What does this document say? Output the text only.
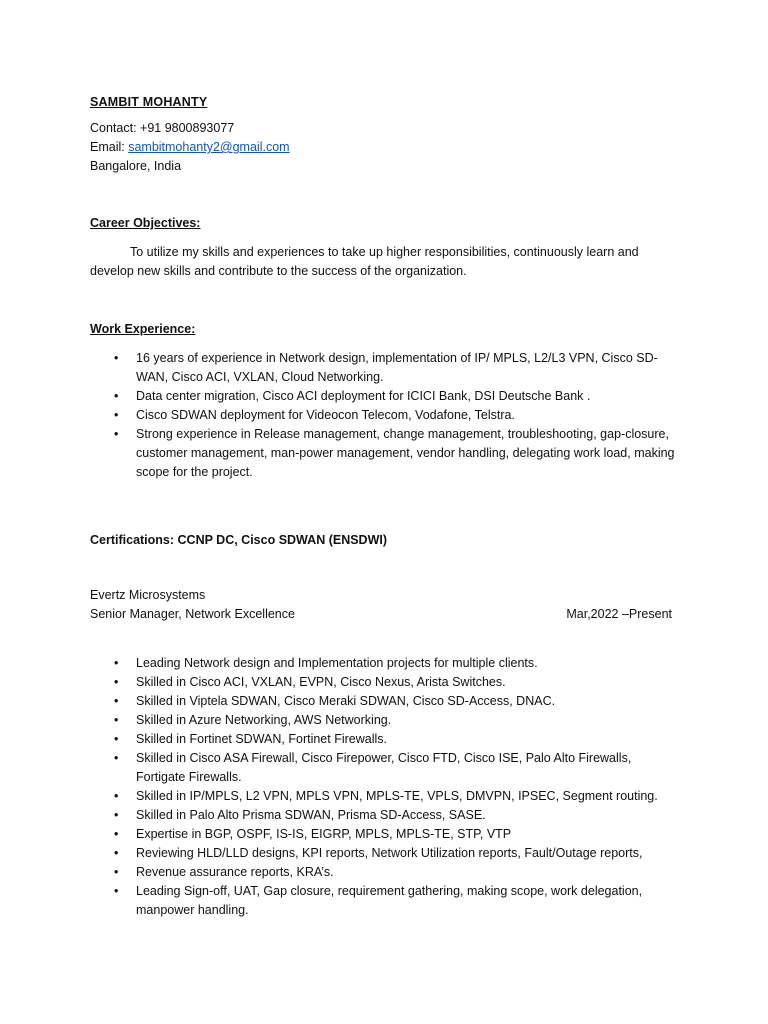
SAMBIT MOHANTY
Contact: +91 9800893077
Email: sambitmohanty2@gmail.com
Bangalore, India
Career Objectives:
To utilize my skills and experiences to take up higher responsibilities, continuously learn and develop new skills and contribute to the success of the organization.
Work Experience:
• 16 years of experience in Network design, implementation of IP/ MPLS, L2/L3 VPN, Cisco SD-WAN, Cisco ACI, VXLAN, Cloud Networking.
• Data center migration, Cisco ACI deployment for ICICI Bank, DSI Deutsche Bank .
• Cisco SDWAN deployment for Videocon Telecom, Vodafone, Telstra.
• Strong experience in Release management, change management, troubleshooting, gap-closure, customer management, man-power management, vendor handling, delegating work load, making scope for the project.
Certifications: CCNP DC, Cisco SDWAN (ENSDWI)
Evertz Microsystems
Senior Manager, Network Excellence	Mar,2022 –Present
• Leading Network design and Implementation projects for multiple clients.
• Skilled in Cisco ACI, VXLAN, EVPN, Cisco Nexus, Arista Switches.
• Skilled in Viptela SDWAN, Cisco Meraki SDWAN, Cisco SD-Access, DNAC.
• Skilled in Azure Networking, AWS Networking.
• Skilled in Fortinet SDWAN, Fortinet Firewalls.
• Skilled in Cisco ASA Firewall, Cisco Firepower, Cisco FTD, Cisco ISE, Palo Alto Firewalls, Fortigate Firewalls.
• Skilled in IP/MPLS, L2 VPN, MPLS VPN, MPLS-TE, VPLS, DMVPN, IPSEC, Segment routing.
• Skilled in Palo Alto Prisma SDWAN, Prisma SD-Access, SASE.
• Expertise in BGP, OSPF, IS-IS, EIGRP, MPLS, MPLS-TE, STP, VTP
• Reviewing HLD/LLD designs, KPI reports, Network Utilization reports, Fault/Outage reports,
• Revenue assurance reports, KRA’s.
• Leading Sign-off, UAT, Gap closure, requirement gathering, making scope, work delegation, manpower handling.
